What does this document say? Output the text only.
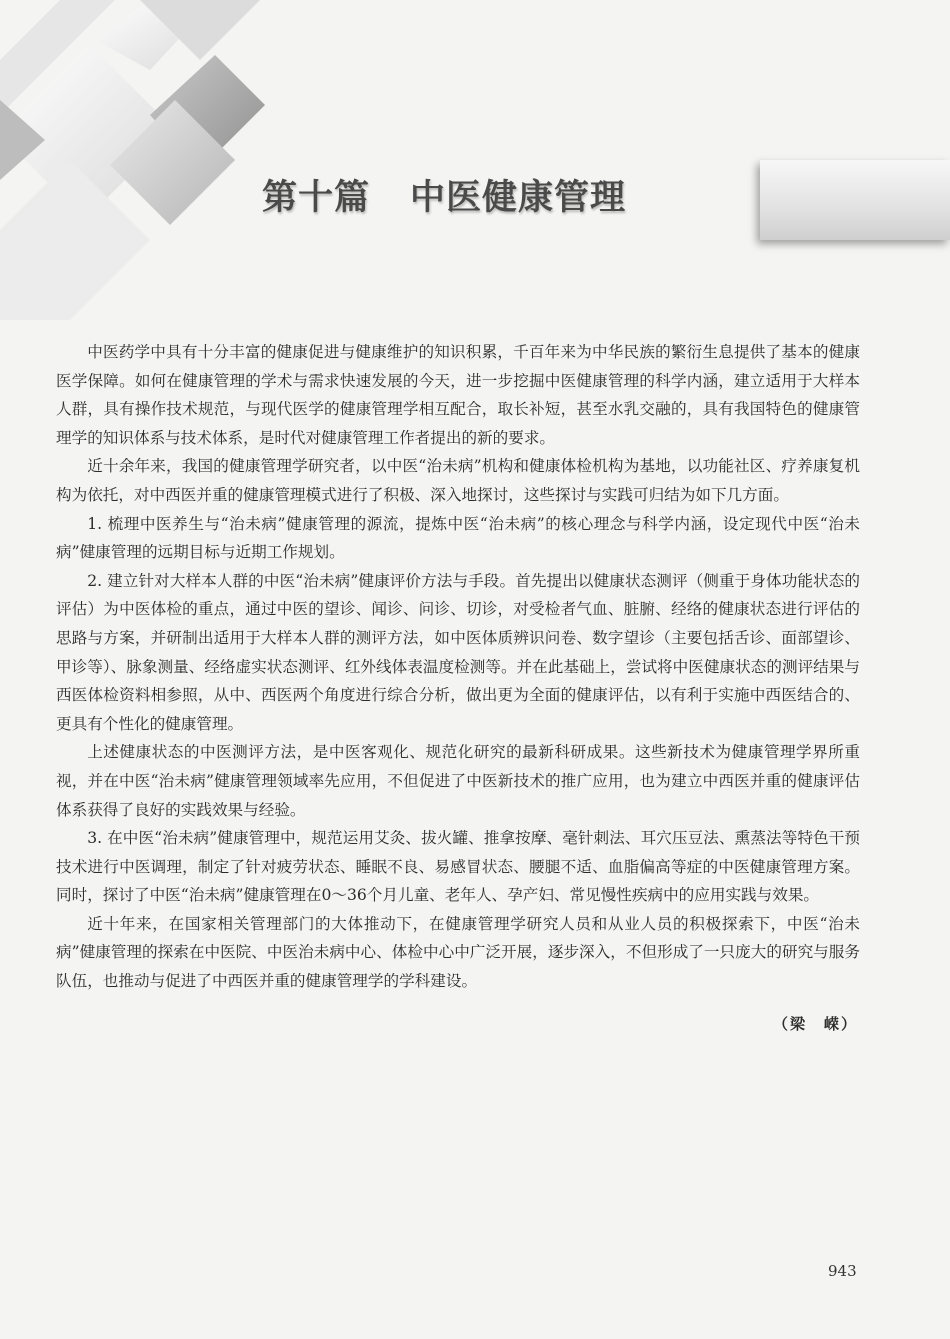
第十篇 中医健康管理

中医药学中具有十分丰富的健康促进与健康维护的知识积累，千百年来为中华民族的繁衍生息提供了基本的健康医学保障。如何在健康管理的学术与需求快速发展的今天，进一步挖掘中医健康管理的科学内涵，建立适用于大样本人群，具有操作技术规范，与现代医学的健康管理学相互配合，取长补短，甚至水乳交融的，具有我国特色的健康管理学的知识体系与技术体系，是时代对健康管理工作者提出的新的要求。

近十余年来，我国的健康管理学研究者，以中医“治未病”机构和健康体检机构为基地，以功能社区、疗养康复机构为依托，对中西医并重的健康管理模式进行了积极、深入地探讨，这些探讨与实践可归结为如下几方面。

1. 梳理中医养生与“治未病”健康管理的源流，提炼中医“治未病”的核心理念与科学内涵，设定现代中医“治未病”健康管理的远期目标与近期工作规划。

2. 建立针对大样本人群的中医“治未病”健康评价方法与手段。首先提出以健康状态测评（侧重于身体功能状态的评估）为中医体检的重点，通过中医的望诊、闻诊、问诊、切诊，对受检者气血、脏腑、经络的健康状态进行评估的思路与方案，并研制出适用于大样本人群的测评方法，如中医体质辨识问卷、数字望诊（主要包括舌诊、面部望诊、甲诊等）、脉象测量、经络虚实状态测评、红外线体表温度检测等。并在此基础上，尝试将中医健康状态的测评结果与西医体检资料相参照，从中、西医两个角度进行综合分析，做出更为全面的健康评估，以有利于实施中西医结合的、更具有个性化的健康管理。

上述健康状态的中医测评方法，是中医客观化、规范化研究的最新科研成果。这些新技术为健康管理学界所重视，并在中医“治未病”健康管理领域率先应用，不但促进了中医新技术的推广应用，也为建立中西医并重的健康评估体系获得了良好的实践效果与经验。

3. 在中医“治未病”健康管理中，规范运用艾灸、拔火罐、推拿按摩、毫针刺法、耳穴压豆法、熏蒸法等特色干预技术进行中医调理，制定了针对疲劳状态、睡眠不良、易感冒状态、腰腿不适、血脂偏高等症的中医健康管理方案。同时，探讨了中医“治未病”健康管理在0～36个月儿童、老年人、孕产妇、常见慢性疾病中的应用实践与效果。

近十年来，在国家相关管理部门的大体推动下，在健康管理学研究人员和从业人员的积极探索下，中医“治未病”健康管理的探索在中医院、中医治未病中心、体检中心中广泛开展，逐步深入，不但形成了一只庞大的研究与服务队伍，也推动与促进了中西医并重的健康管理学的学科建设。

（梁　嵘）
943
